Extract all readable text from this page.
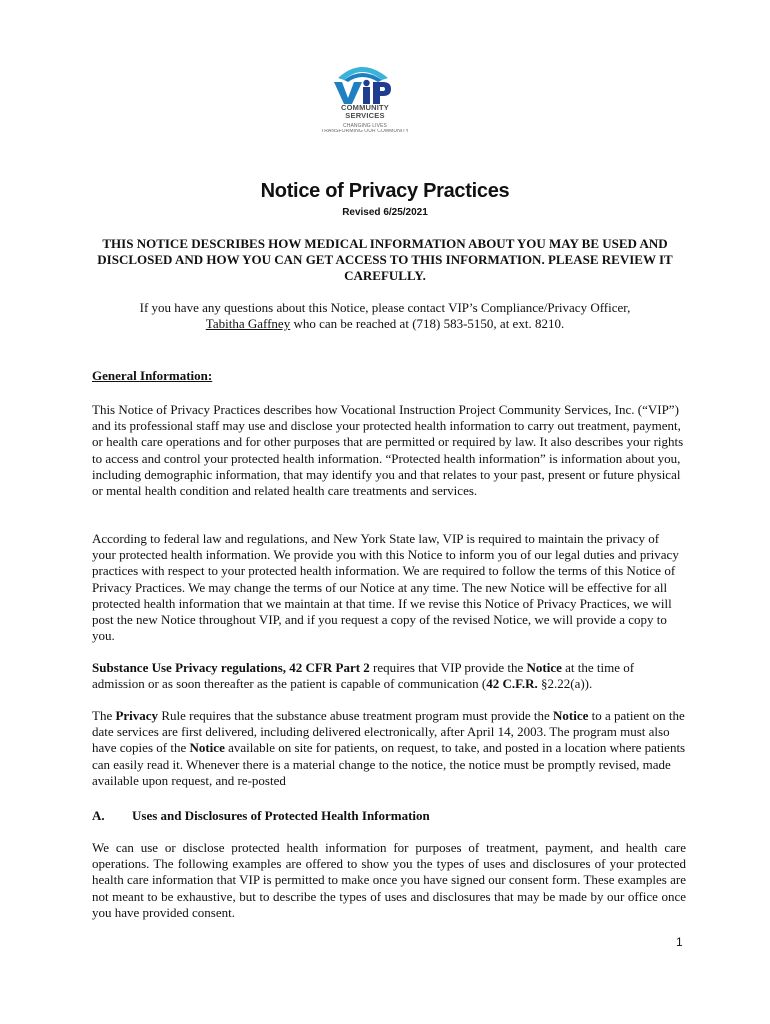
COMMUNITY
SERVICES
CHANGING LIVES
TRANSFORMING OUR COMMUNITY
Notice of Privacy Practices
Revised 6/25/2021
THIS NOTICE DESCRIBES HOW MEDICAL INFORMATION ABOUT YOU MAY BE USED AND DISCLOSED AND HOW YOU CAN GET ACCESS TO THIS INFORMATION. PLEASE REVIEW IT CAREFULLY.
If you have any questions about this Notice, please contact VIP’s Compliance/Privacy Officer,
Tabitha Gaffney who can be reached at (718) 583-5150, at ext. 8210.
General Information:
This Notice of Privacy Practices describes how Vocational Instruction Project Community Services, Inc. (“VIP”) and its professional staff may use and disclose your protected health information to carry out treatment, payment, or health care operations and for other purposes that are permitted or required by law. It also describes your rights to access and control your protected health information. “Protected health information” is information about you, including demographic information, that may identify you and that relates to your past, present or future physical or mental health condition and related health care treatments and services.
According to federal law and regulations, and New York State law, VIP is required to maintain the privacy of your protected health information. We provide you with this Notice to inform you of our legal duties and privacy practices with respect to your protected health information. We are required to follow the terms of this Notice of Privacy Practices. We may change the terms of our Notice at any time. The new Notice will be effective for all protected health information that we maintain at that time. If we revise this Notice of Privacy Practices, we will post the new Notice throughout VIP, and if you request a copy of the revised Notice, we will provide a copy to you.
Substance Use Privacy regulations, 42 CFR Part 2 requires that VIP provide the Notice at the time of admission or as soon thereafter as the patient is capable of communication (42 C.F.R. §2.22(a)).
The Privacy Rule requires that the substance abuse treatment program must provide the Notice to a patient on the date services are first delivered, including delivered electronically, after April 14, 2003. The program must also have copies of the Notice available on site for patients, on request, to take, and posted in a location where patients can easily read it. Whenever there is a material change to the notice, the notice must be promptly revised, made available upon request, and re-posted
A. Uses and Disclosures of Protected Health Information
We can use or disclose protected health information for purposes of treatment, payment, and health care operations. The following examples are offered to show you the types of uses and disclosures of your protected health care information that VIP is permitted to make once you have signed our consent form. These examples are not meant to be exhaustive, but to describe the types of uses and disclosures that may be made by our office once you have provided consent.
1
